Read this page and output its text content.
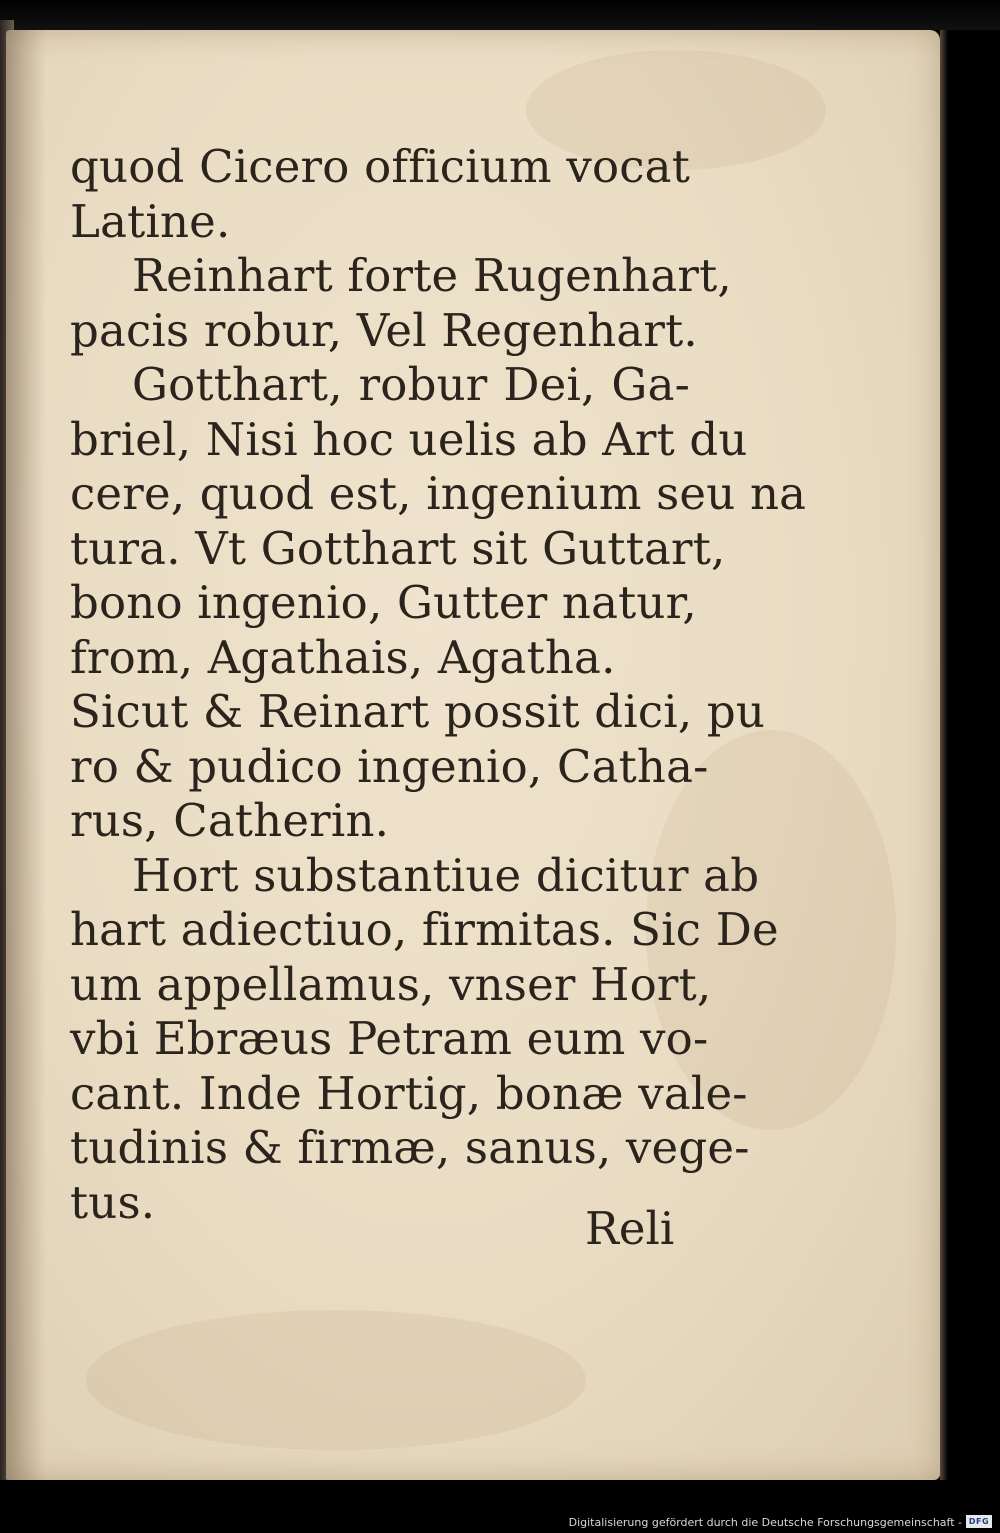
quod Cicero officium vocat
Latine.
Reinhart forte Rugenhart,
pacis robur, Vel Regenhart.
Gotthart, robur Dei, Ga-
briel, Nisi hoc uelis ab Art du
cere, quod est, ingenium seu na
tura. Vt Gotthart sit Guttart,
bono ingenio, Gutter natur,
from, Agathais, Agatha.
Sicut & Reinart possit dici, pu
ro & pudico ingenio, Catha-
rus, Catherin.
Hort substantiue dicitur ab
hart adiectiuo, firmitas. Sic De
um appellamus, vnser Hort,
vbi Ebræus Petram eum vo-
cant. Inde Hortig, bonæ vale-
tudinis & firmæ, sanus, vege-
tus.	Reli
Digitalisierung gefördert durch die Deutsche Forschungsgemeinschaft - DFG
